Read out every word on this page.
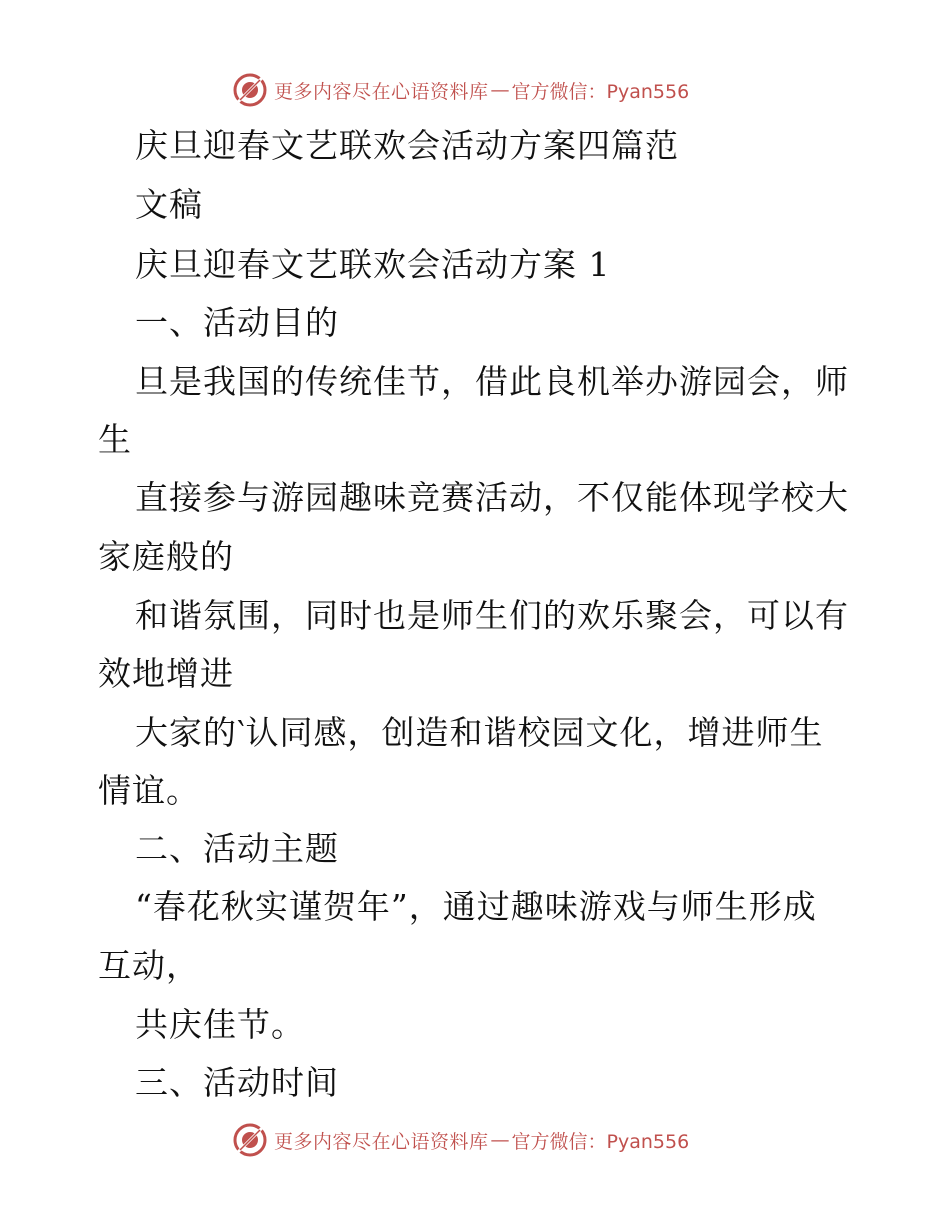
更多内容尽在心语资料库 — 官方微信：Pyan556
庆旦迎春文艺联欢会活动方案四篇范
文稿
庆旦迎春文艺联欢会活动方案 1
一、活动目的
旦是我国的传统佳节，借此良机举办游园会，师
生
直接参与游园趣味竞赛活动，不仅能体现学校大
家庭般的
和谐氛围，同时也是师生们的欢乐聚会，可以有
效地增进
大家的‵认同感，创造和谐校园文化，增进师生
情谊。
二、活动主题
“春花秋实谨贺年”，通过趣味游戏与师生形成
互动，
共庆佳节。
三、活动时间
更多内容尽在心语资料库 — 官方微信：Pyan556
